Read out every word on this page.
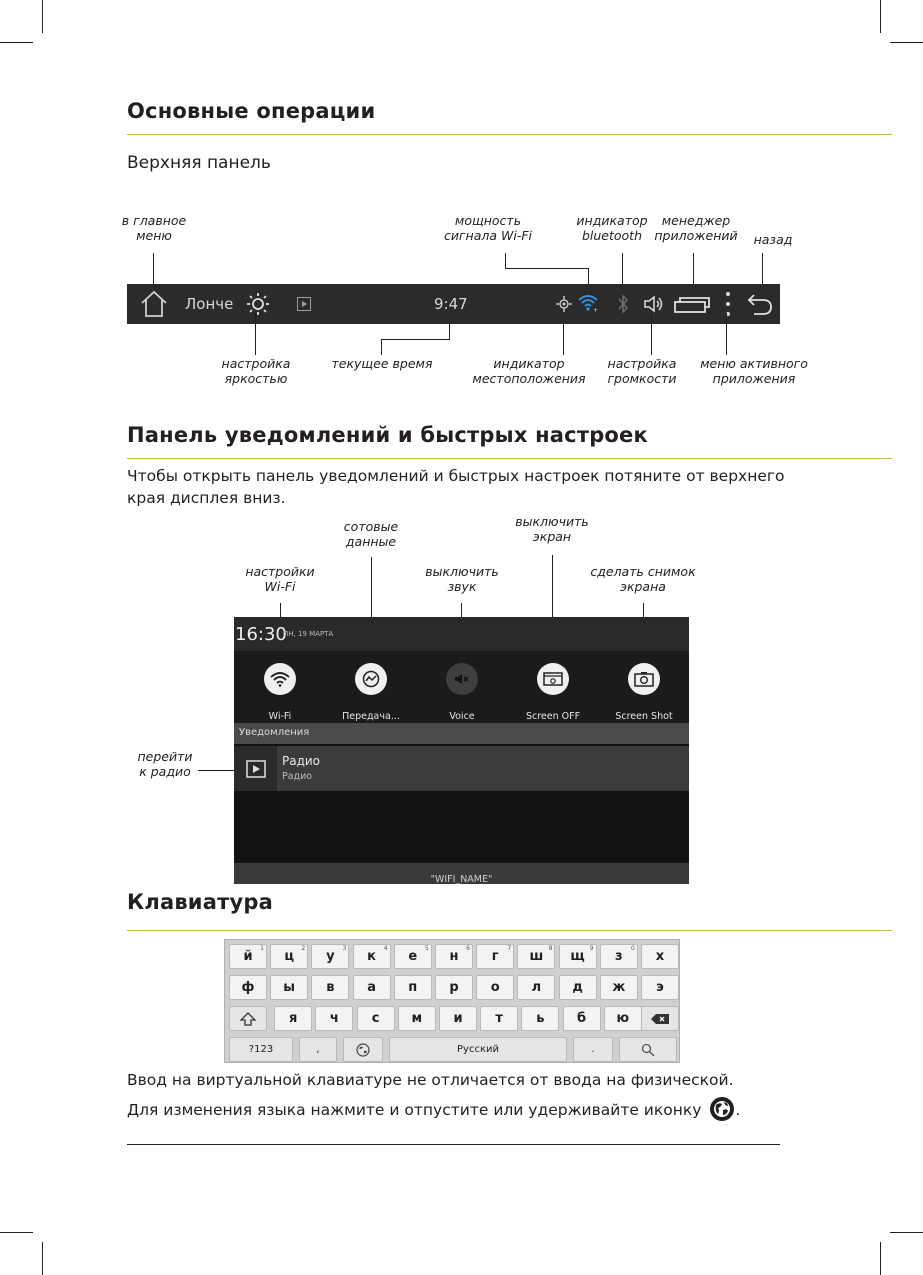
Основные операции
Верхняя панель
в главное
меню
мощность
сигнала Wi-Fi
индикатор
bluetooth
менеджер
приложений	назад
Лонче	9:47	+
настройка
яркостью
текущее время	индикатор
местоположения
настройка
громкости
меню активного
приложения
Панель уведомлений и быстрых настроек
Чтобы открыть панель уведомлений и быстрых настроек потяните от верхнего
края дисплея вниз.
сотовые
данные
выключить
экран
настройки
Wi-Fi
выключить
звук
сделать снимок
экрана
перейти
к радио
16:30
ПН, 19 МАРТА
Wi-Fi	Передача...	Voice	Screen OFF	Screen Shot
Уведомления
Радио
Радио
$_{"WIFI\_NAME"}$
Клавиатура
й
1
ц
2
у
3
к
4
е
5
н
6
г
7
ш
8
щ
9
з
0
х
ф ы в	а п р о л д ж э
я	ч	с м и	т	ь	б ю
?123	,	Русский	.
Ввод на виртуальной клавиатуре не отличается от ввода на физической.
Для изменения языка нажмите и отпустите или удерживайте иконку .
